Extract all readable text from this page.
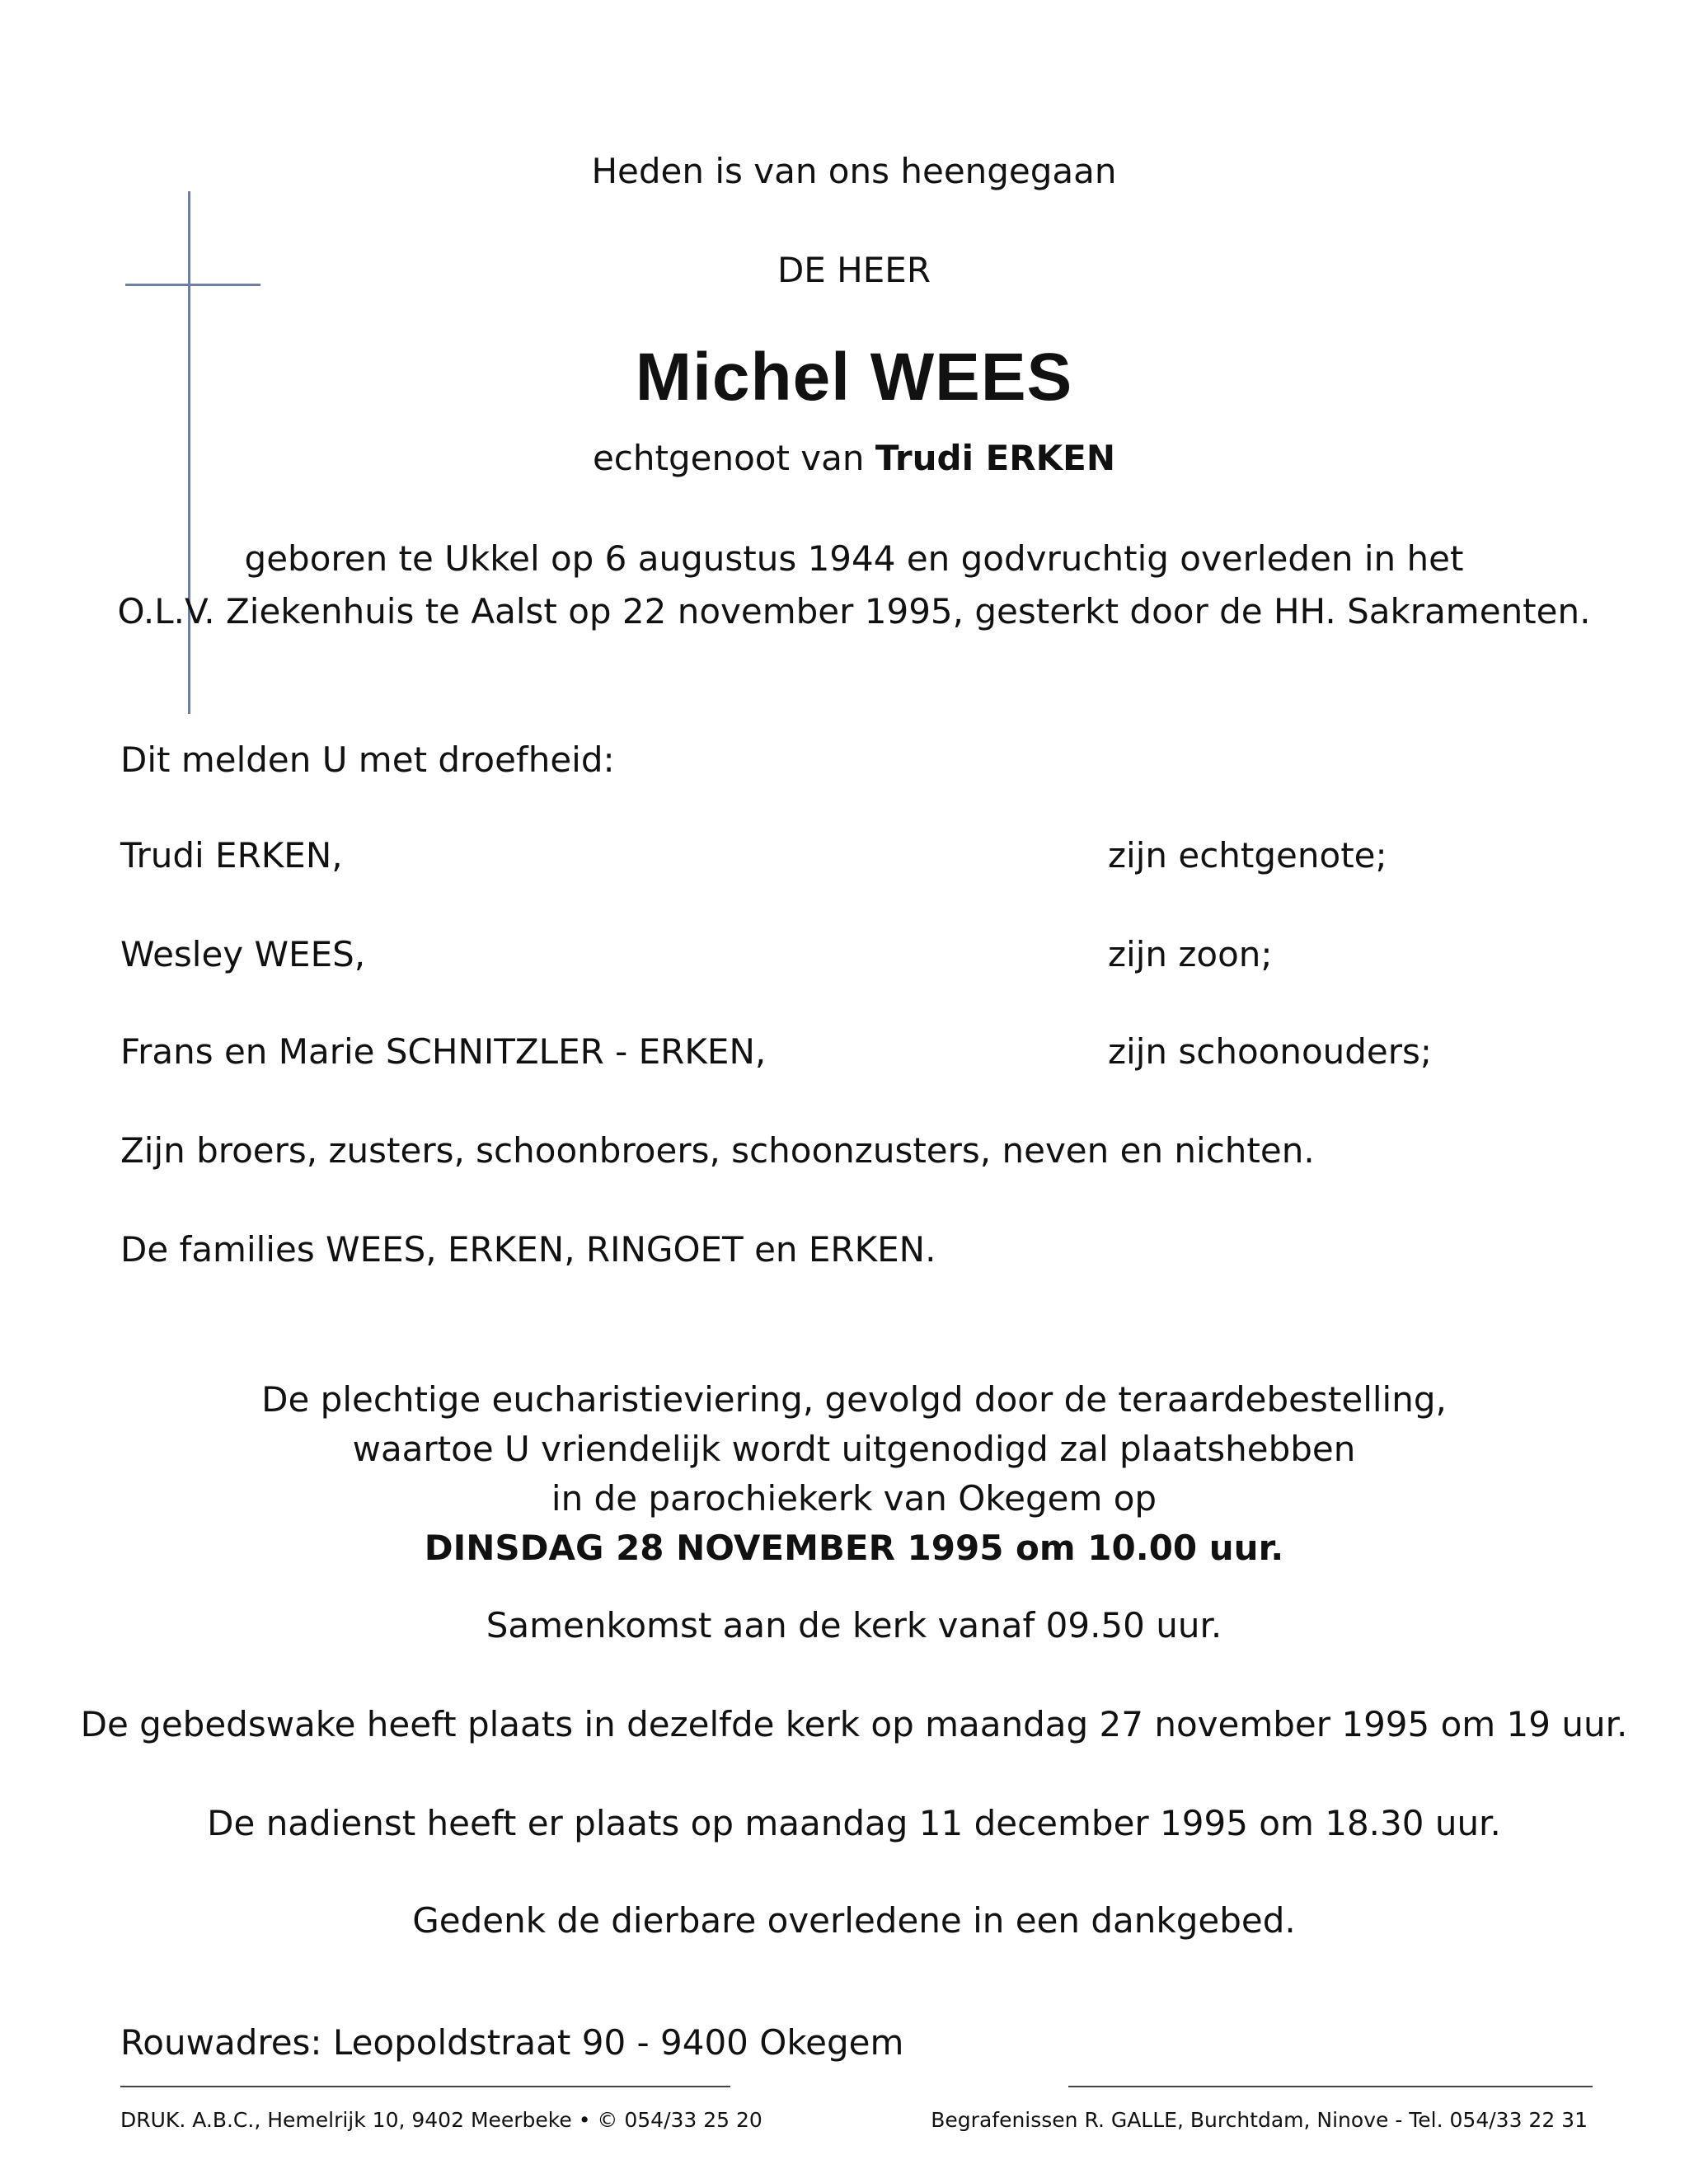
Heden is van ons heengegaan
DE HEER
Michel WEES
echtgenoot van Trudi ERKEN
geboren te Ukkel op 6 augustus 1944 en godvruchtig overleden in het
O.L.V. Ziekenhuis te Aalst op 22 november 1995, gesterkt door de HH. Sakramenten.
Dit melden U met droefheid:
Trudi ERKEN,	zijn echtgenote;
Wesley WEES,	zijn zoon;
Frans en Marie SCHNITZLER - ERKEN,	zijn schoonouders;
Zijn broers, zusters, schoonbroers, schoonzusters, neven en nichten.
De families WEES, ERKEN, RINGOET en ERKEN.
De plechtige eucharistieviering, gevolgd door de teraardebestelling,
waartoe U vriendelijk wordt uitgenodigd zal plaatshebben
in de parochiekerk van Okegem op
DINSDAG 28 NOVEMBER 1995 om 10.00 uur.
Samenkomst aan de kerk vanaf 09.50 uur.
De gebedswake heeft plaats in dezelfde kerk op maandag 27 november 1995 om 19 uur.
De nadienst heeft er plaats op maandag 11 december 1995 om 18.30 uur.
Gedenk de dierbare overledene in een dankgebed.
Rouwadres: Leopoldstraat 90 - 9400 Okegem
DRUK. A.B.C., Hemelrijk 10, 9402 Meerbeke • © 054/33 25 20	Begrafenissen R. GALLE, Burchtdam, Ninove - Tel. 054/33 22 31
